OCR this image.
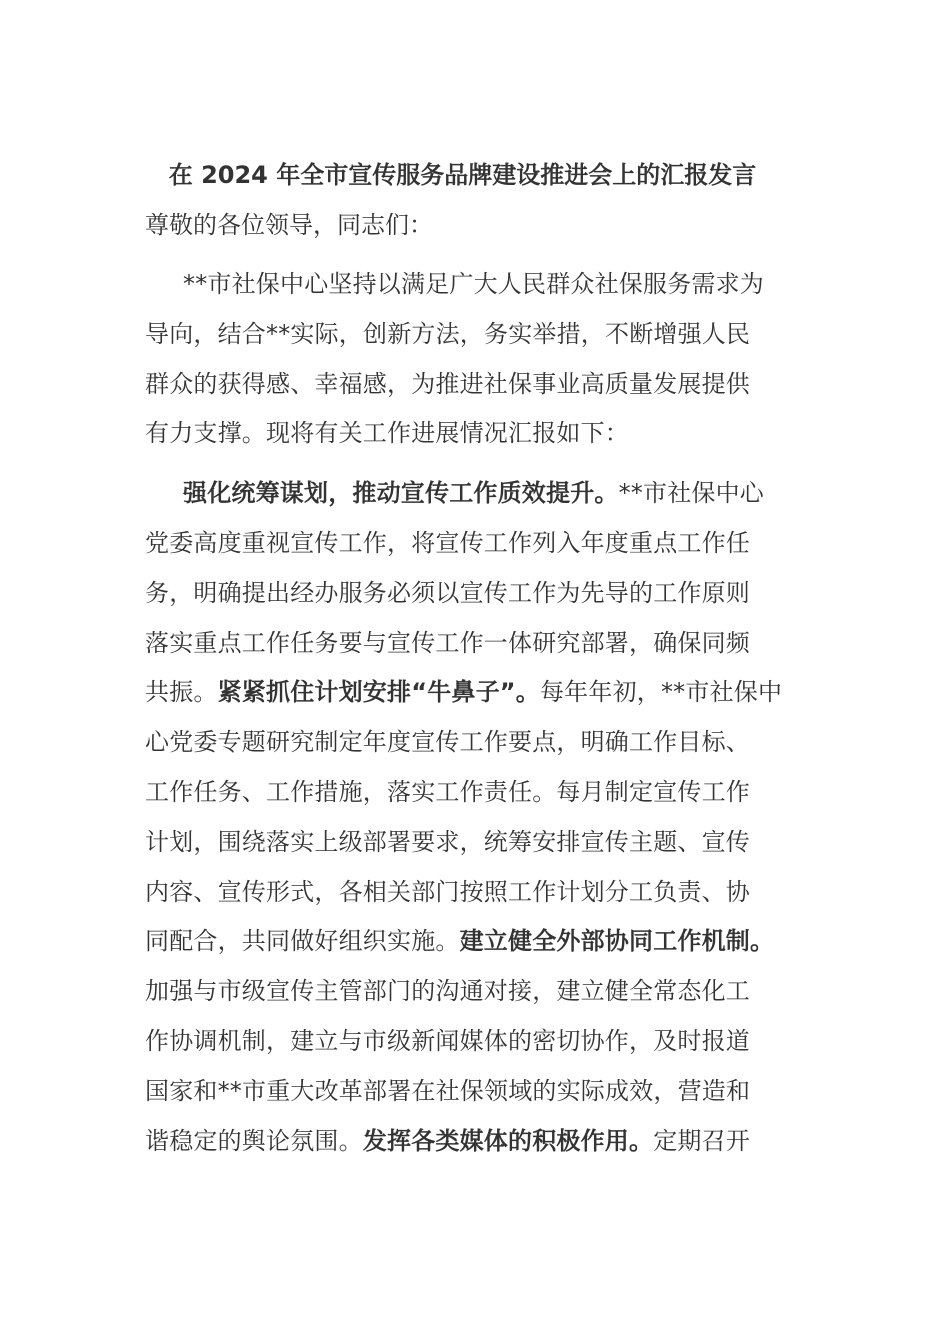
在 2024 年全市宣传服务品牌建设推进会上的汇报发言

尊敬的各位领导，同志们：

**市社保中心坚持以满足广大人民群众社保服务需求为
导向，结合**实际，创新方法，务实举措，不断增强人民
群众的获得感、幸福感，为推进社保事业高质量发展提供
有力支撑。现将有关工作进展情况汇报如下：
强化统筹谋划，推动宣传工作质效提升。**市社保中心
党委高度重视宣传工作，将宣传工作列入年度重点工作任
务，明确提出经办服务必须以宣传工作为先导的工作原则
落实重点工作任务要与宣传工作一体研究部署，确保同频
共振。紧紧抓住计划安排“牛鼻子”。每年年初，**市社保中
心党委专题研究制定年度宣传工作要点，明确工作目标、
工作任务、工作措施，落实工作责任。每月制定宣传工作
计划，围绕落实上级部署要求，统筹安排宣传主题、宣传
内容、宣传形式，各相关部门按照工作计划分工负责、协
同配合，共同做好组织实施。建立健全外部协同工作机制。
加强与市级宣传主管部门的沟通对接，建立健全常态化工
作协调机制，建立与市级新闻媒体的密切协作，及时报道
国家和**市重大改革部署在社保领域的实际成效，营造和
谐稳定的舆论氛围。发挥各类媒体的积极作用。定期召开
